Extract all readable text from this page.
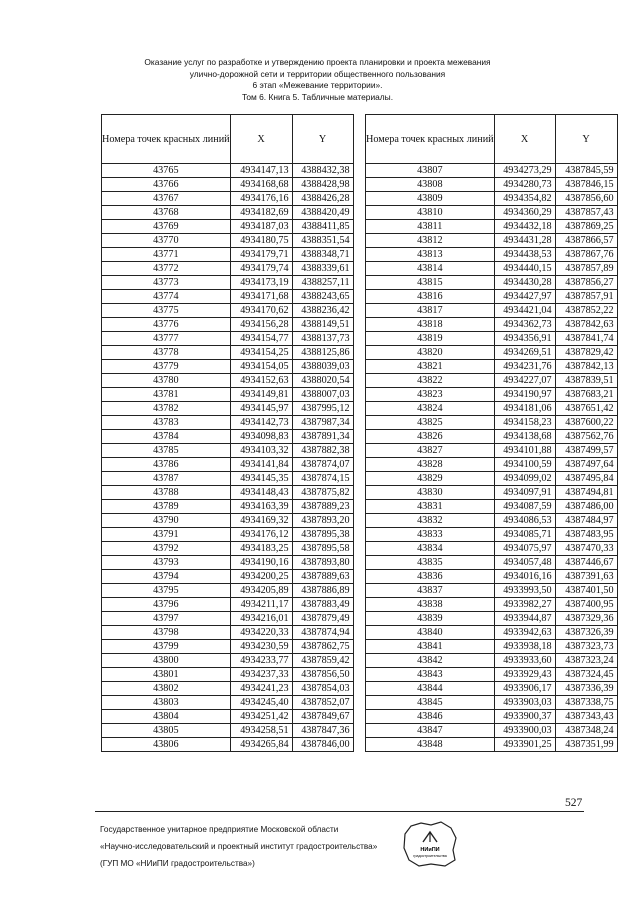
Оказание услуг по разработке и утверждению проекта планировки и проекта межевания
улично-дорожной сети и территории общественного пользования
6 этап «Межевание территории».
Том 6. Книга 5. Табличные материалы.
Номера точек красных линий	X	Y
43765	4934147,13	4388432,38
43766	4934168,68	4388428,98
43767	4934176,16	4388426,28
43768	4934182,69	4388420,49
43769	4934187,03	4388411,85
43770	4934180,75	4388351,54
43771	4934179,71	4388348,71
43772	4934179,74	4388339,61
43773	4934173,19	4388257,11
43774	4934171,68	4388243,65
43775	4934170,62	4388236,42
43776	4934156,28	4388149,51
43777	4934154,77	4388137,73
43778	4934154,25	4388125,86
43779	4934154,05	4388039,03
43780	4934152,63	4388020,54
43781	4934149,81	4388007,03
43782	4934145,97	4387995,12
43783	4934142,73	4387987,34
43784	4934098,83	4387891,34
43785	4934103,32	4387882,38
43786	4934141,84	4387874,07
43787	4934145,35	4387874,15
43788	4934148,43	4387875,82
43789	4934163,39	4387889,23
43790	4934169,32	4387893,20
43791	4934176,12	4387895,38
43792	4934183,25	4387895,58
43793	4934190,16	4387893,80
43794	4934200,25	4387889,63
43795	4934205,89	4387886,89
43796	4934211,17	4387883,49
43797	4934216,01	4387879,49
43798	4934220,33	4387874,94
43799	4934230,59	4387862,75
43800	4934233,77	4387859,42
43801	4934237,33	4387856,50
43802	4934241,23	4387854,03
43803	4934245,40	4387852,07
43804	4934251,42	4387849,67
43805	4934258,51	4387847,36
43806	4934265,84	4387846,00
Номера точек красных линий	X	Y
43807	4934273,29	4387845,59
43808	4934280,73	4387846,15
43809	4934354,82	4387856,60
43810	4934360,29	4387857,43
43811	4934432,18	4387869,25
43812	4934431,28	4387866,57
43813	4934438,53	4387867,76
43814	4934440,15	4387857,89
43815	4934430,28	4387856,27
43816	4934427,97	4387857,91
43817	4934421,04	4387852,22
43818	4934362,73	4387842,63
43819	4934356,91	4387841,74
43820	4934269,51	4387829,42
43821	4934231,76	4387842,13
43822	4934227,07	4387839,51
43823	4934190,97	4387683,21
43824	4934181,06	4387651,42
43825	4934158,23	4387600,22
43826	4934138,68	4387562,76
43827	4934101,88	4387499,57
43828	4934100,59	4387497,64
43829	4934099,02	4387495,84
43830	4934097,91	4387494,81
43831	4934087,59	4387486,00
43832	4934086,53	4387484,97
43833	4934085,71	4387483,95
43834	4934075,97	4387470,33
43835	4934057,48	4387446,67
43836	4934016,16	4387391,63
43837	4933993,50	4387401,50
43838	4933982,27	4387400,95
43839	4933944,87	4387329,36
43840	4933942,63	4387326,39
43841	4933938,18	4387323,73
43842	4933933,60	4387323,24
43843	4933929,43	4387324,45
43844	4933906,17	4387336,39
43845	4933903,03	4387338,75
43846	4933900,37	4387343,43
43847	4933900,03	4387348,24
43848	4933901,25	4387351,99
527
Государственное унитарное предприятие Московской области
«Научно-исследовательский и проектный институт градостроительства»
(ГУП МО «НИиПИ градостроительства»)
НИиПИ
градостроительства
